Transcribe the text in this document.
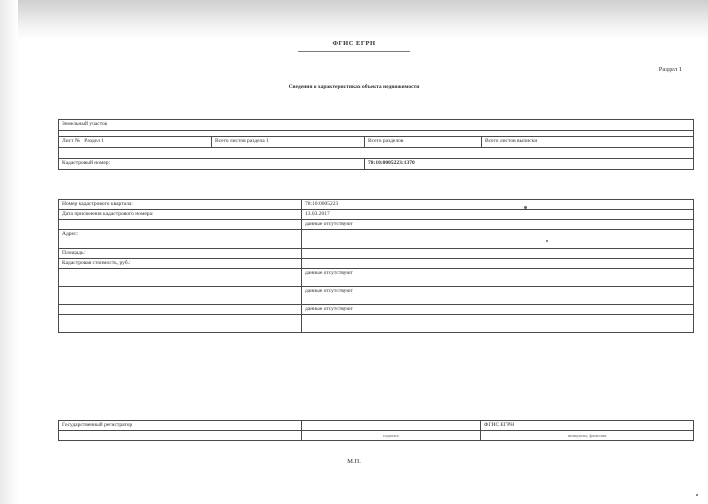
ФГИС ЕГРН
Раздел 1
Сведения о характеристиках объекта недвижимости
Земельный участок			

Лист № Раздел 1	Всего листов раздела 1	Всего разделов	Всего листов выписки

Кадастровый номер:		78:10:0005223:1370	
Номер кадастрового квартала:	78:10:0005223
Дата присвоения кадастрового номера:	13.03.2017
	данные отсутствуют
Адрес:	
Площадь:	
Кадастровая стоимость, руб.:	
	данные отсутствуют
	данные отсутствуют
	данные отсутствуют

Государственный регистратор		ФГИС ЕГРН
	подпись	инициалы, фамилия
М.П.
